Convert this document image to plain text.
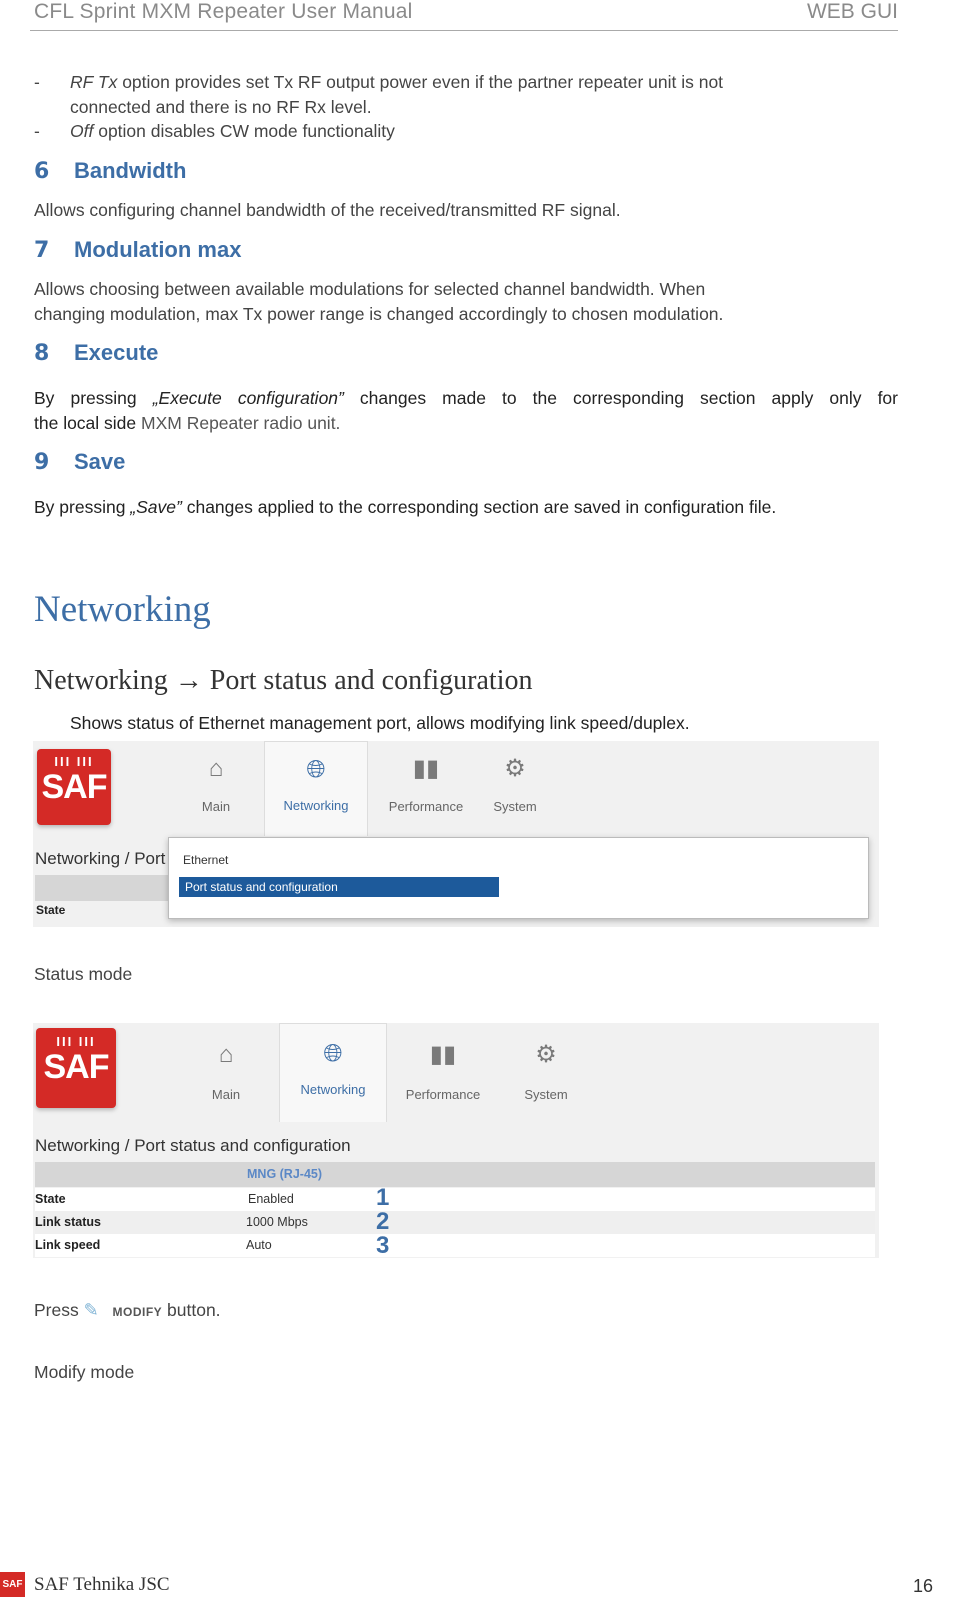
CFL Sprint MXM Repeater User Manual	WEB GUI
- RF Tx option provides set Tx RF output power even if the partner repeater unit is not
connected and there is no RF Rx level.
- Off option disables CW mode functionality
6 Bandwidth
Allows configuring channel bandwidth of the received/transmitted RF signal.
7 Modulation max
Allows choosing between available modulations for selected channel bandwidth. When
changing modulation, max Tx power range is changed accordingly to chosen modulation.
8 Execute
By pressing „Execute configuration” changes made to the corresponding section apply only for
the local side MXM Repeater radio unit.
9 Save
By pressing „Save” changes applied to the corresponding section are saved in configuration file.
Networking
Networking → Port status and configuration
Shows status of Ethernet management port, allows modifying link speed/duplex.
III III
SAF	⌂
Main
🌐︎
Networking
▮▮
Performance
⚙
System
Networking / Port
State
Ethernet
Port status and configuration
Status mode
III III
SAF	⌂
Main
🌐︎
Networking
▮▮
Performance
⚙
System
Networking / Port status and configuration
MNG (RJ-45)
State	Enabled
Link status	1000 Mbps
Link speed	Auto
1
2
3
Press ✎ MODIFY button.
Modify mode
SAF SAF Tehnika JSC	16
